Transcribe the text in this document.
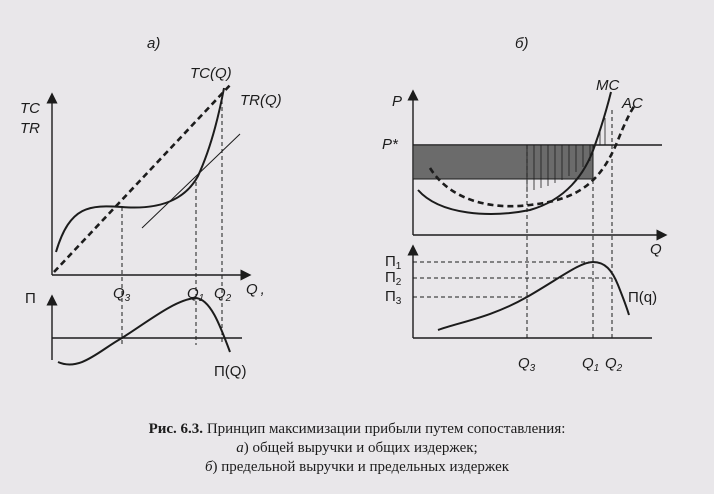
а)
TC
TR
TR(Q)
TC(Q)
$Q_3$	$Q_1$ $Q_2$
Q ,
П
П(Q)
б)
P
Q
P*
AC
MC
$П_1$
$П_2$
$П_3$	П(q)
$Q_3$	$Q_1$ $Q_2$
Рис. 6.3. Принцип максимизации прибыли путем сопоставления:
а) общей выручки и общих издержек;
б) предельной выручки и предельных издержек
